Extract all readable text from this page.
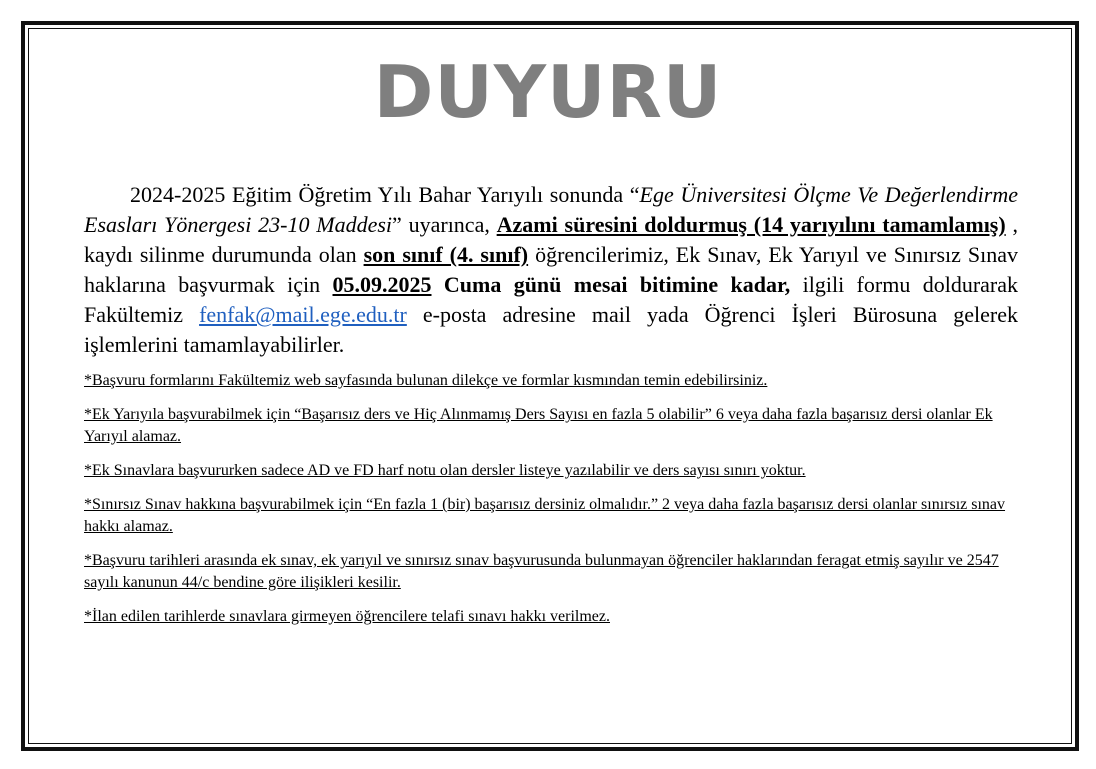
DUYURU

2024-2025 Eğitim Öğretim Yılı Bahar Yarıyılı sonunda “Ege Üniversitesi Ölçme Ve Değerlendirme Esasları Yönergesi 23-10 Maddesi” uyarınca, Azami süresini doldurmuş (14 yarıyılını tamamlamış) , kaydı silinme durumunda olan son sınıf (4. sınıf) öğrencilerimiz, Ek Sınav, Ek Yarıyıl ve Sınırsız Sınav haklarına başvurmak için 05.09.2025 Cuma günü mesai bitimine kadar, ilgili formu doldurarak Fakültemiz fenfak@mail.ege.edu.tr e-posta adresine mail yada Öğrenci İşleri Bürosuna gelerek işlemlerini tamamlayabilirler.

*Başvuru formlarını Fakültemiz web sayfasında bulunan dilekçe ve formlar kısmından temin edebilirsiniz.

*Ek Yarıyıla başvurabilmek için “Başarısız ders ve Hiç Alınmamış Ders Sayısı en fazla 5 olabilir” 6 veya daha fazla başarısız dersi olanlar Ek Yarıyıl alamaz.

*Ek Sınavlara başvururken sadece AD ve FD harf notu olan dersler listeye yazılabilir ve ders sayısı sınırı yoktur.

*Sınırsız Sınav hakkına başvurabilmek için “En fazla 1 (bir) başarısız dersiniz olmalıdır.” 2 veya daha fazla başarısız dersi olanlar sınırsız sınav hakkı alamaz.

*Başvuru tarihleri arasında ek sınav, ek yarıyıl ve sınırsız sınav başvurusunda bulunmayan öğrenciler haklarından feragat etmiş sayılır ve 2547 sayılı kanunun 44/c bendine göre ilişikleri kesilir.

*İlan edilen tarihlerde sınavlara girmeyen öğrencilere telafi sınavı hakkı verilmez.
